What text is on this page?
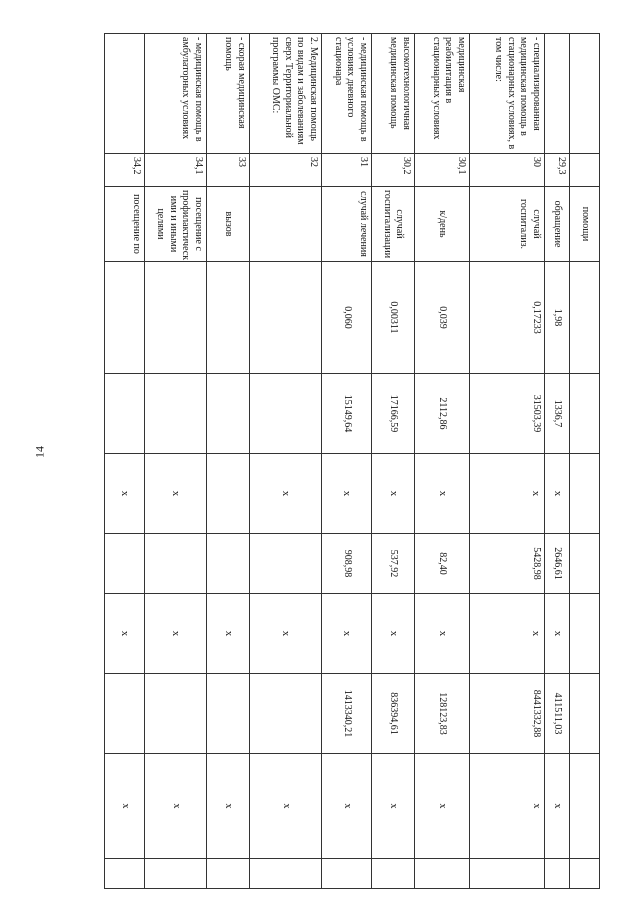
14
		помощи								
	29,3	обращение	1,98	1336,7	x	2646,61	x	411511,03	x	
- специализированная медицинская помощь в стационарных условиях, в том числе:	30	случай госпитализ.	0,17233	31503,39	x	5428,98	x	8441332,88	x	
медицинская реабилитация в стационарных условиях	30,1	к/день	0,039	2112,86	x	82,40	x	128123,83	x	
высокотехнологичная медицинская помощь	30,2	случай госпитализации	0,00311	17166,59	x	537,92	x	836394,61	x	
- медицинская помощь в условиях дневного стационара	31	случай лечения	0,060	15149,64	x	908,98	x	1413340,21	x	
2. Медицинская помощь по видам и заболеваниям сверх Территориальной программы ОМС:	32				x		x		x	
- скорая медицинская помощь	33	вызов					x		x	
- медицинская помощь в амбулаторных условиях	34,1	посещение с профилактическ ими и иными целями			x		x		x	
	34,2	посещение по			x		x		x	
